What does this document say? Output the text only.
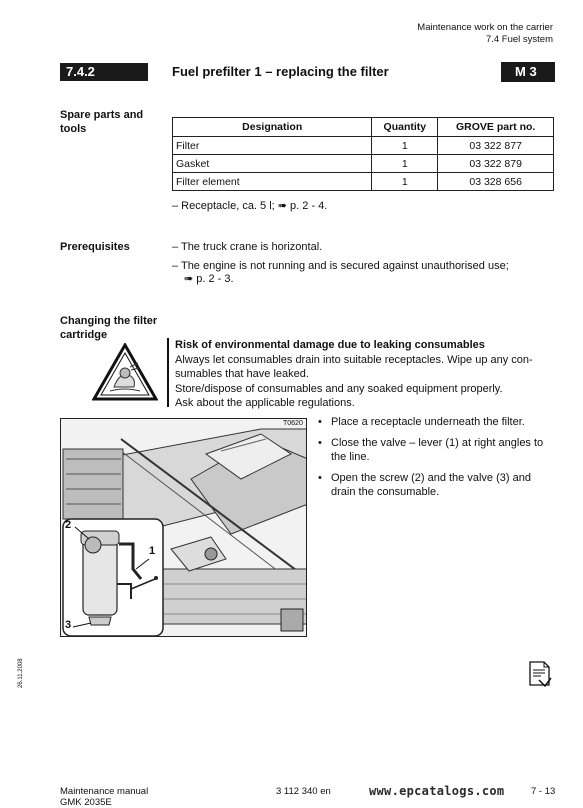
Maintenance work on the carrier
7.4 Fuel system
7.4.2	Fuel prefilter 1 – replacing the filter	M 3
Spare parts and tools	Designation	Quantity	GROVE part no.
Filter	1	03 322 877
Gasket	1	03 322 879
Filter element	1	03 328 656
– Receptacle, ca. 5 l; ➠ p. 2 - 4.
Prerequisites	– The truck crane is horizontal.
– The engine is not running and is secured against unauthorised use;
➠ p. 2 - 3.
Changing the filter cartridge
Risk of environmental damage due to leaking consumables
Always let consumables drain into suitable receptacles. Wipe up any con-
sumables that have leaked.
Store/dispose of consumables and any soaked equipment properly.
Ask about the applicable regulations.
T0620
2
1
3
• Place a receptacle underneath the filter.
• Close the valve – lever (1) at right angles to
the line.
• Open the screw (2) and the valve (3) and
drain the consumable.
26.11.2008
Maintenance manual
GMK 2035E
3 112 340 en	www.epcatalogs.com	7 - 13
